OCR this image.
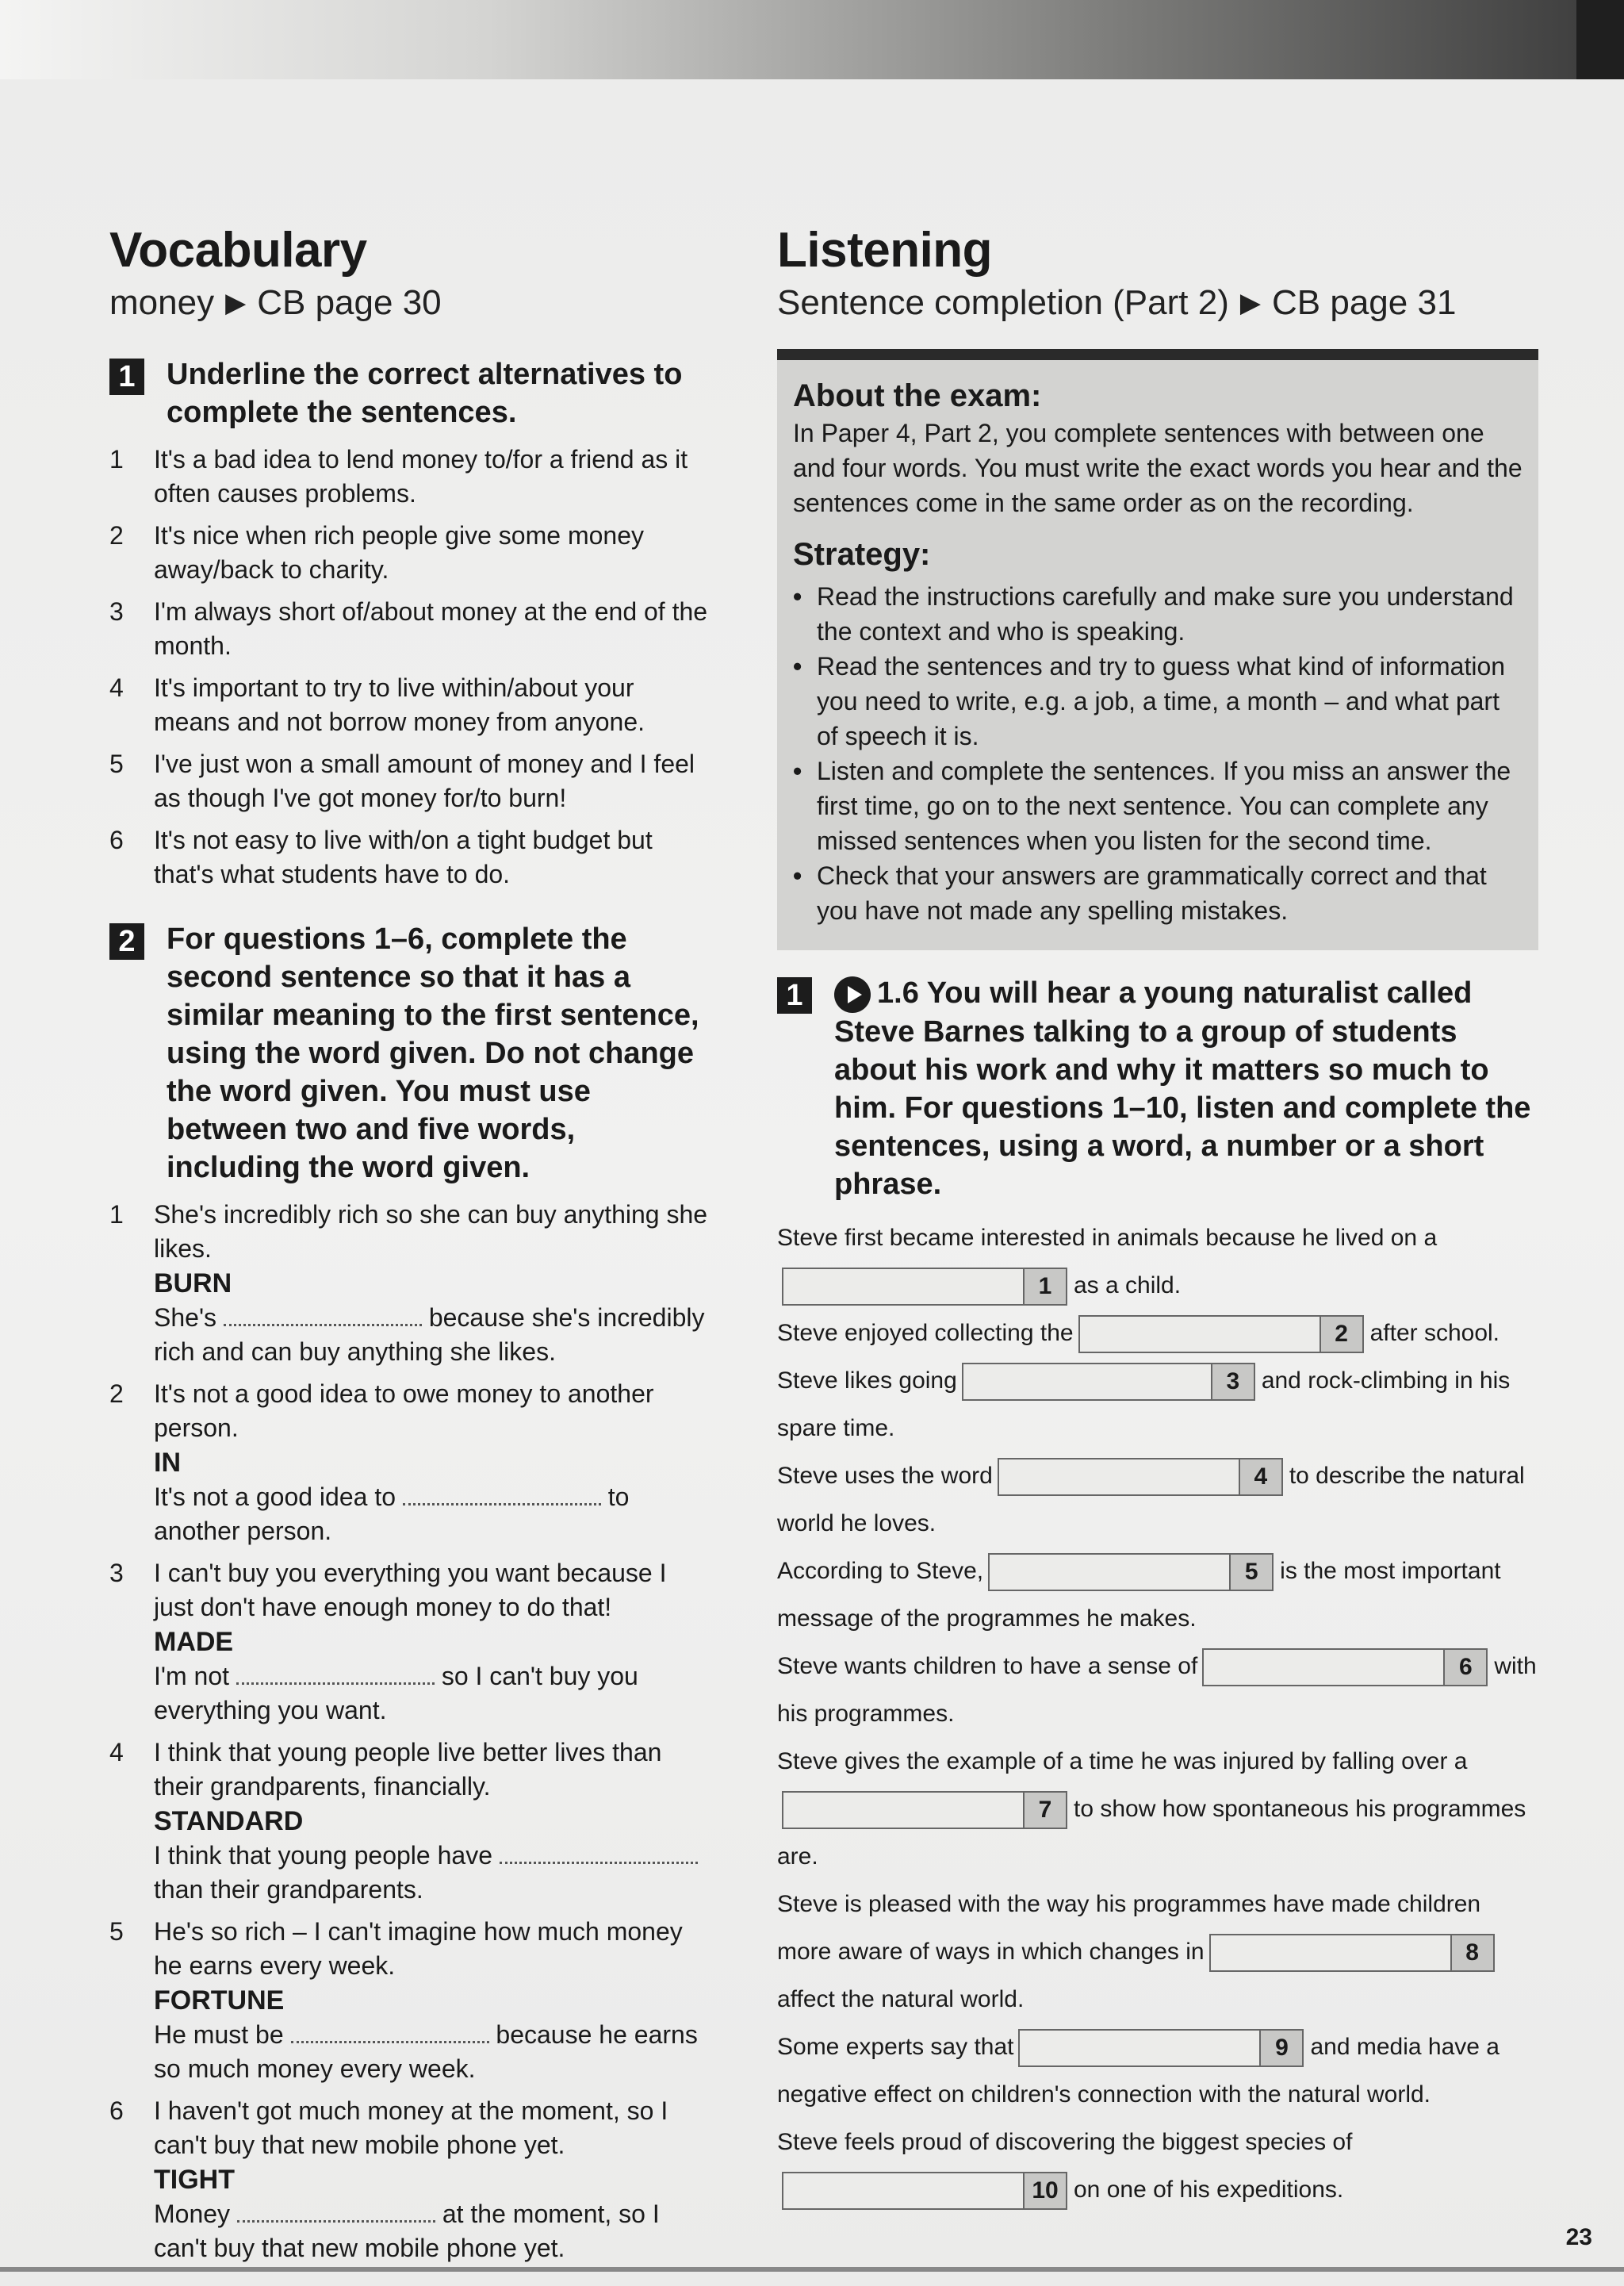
Vocabulary
money ▶ CB page 30
1	Underline the correct alternatives to complete the sentences.
1	It's a bad idea to lend money to/for a friend as it often causes problems.
2	It's nice when rich people give some money away/back to charity.
3	I'm always short of/about money at the end of the month.
4	It's important to try to live within/about your means and not borrow money from anyone.
5	I've just won a small amount of money and I feel as though I've got money for/to burn!
6	It's not easy to live with/on a tight budget but that's what students have to do.
2	For questions 1–6, complete the second sentence so that it has a similar meaning to the first sentence, using the word given. Do not change the word given. You must use between two and five words, including the word given.
1	She's incredibly rich so she can buy anything she likes.
BURN
She's	because she's incredibly rich and can buy anything she likes.
2	It's not a good idea to owe money to another person.
IN
It's not a good idea to	to another person.
3	I can't buy you everything you want because I just don't have enough money to do that!
MADE
I'm not	so I can't buy you everything you want.
4	I think that young people live better lives than their grandparents, financially.
STANDARD
I think that young people have  than their grandparents.
5	He's so rich – I can't imagine how much money he earns every week.
FORTUNE
He must be	because he earns so much money every week.
6	I haven't got much money at the moment, so I can't buy that new mobile phone yet.
TIGHT
Money	at the moment, so I can't buy that new mobile phone yet.
Listening
Sentence completion (Part 2) ▶ CB page 31
About the exam:
In Paper 4, Part 2, you complete sentences with between one and four words. You must write the exact words you hear and the sentences come in the same order as on the recording.
Strategy:
• Read the instructions carefully and make sure you understand the context and who is speaking.
• Read the sentences and try to guess what kind of information you need to write, e.g. a job, a time, a month – and what part of speech it is.
• Listen and complete the sentences. If you miss an answer the first time, go on to the next sentence. You can complete any missed sentences when you listen for the second time.
• Check that your answers are grammatically correct and that you have not made any spelling mistakes.
1	1.6 You will hear a young naturalist called Steve Barnes talking to a group of students about his work and why it matters so much to him. For questions 1–10, listen and complete the sentences, using a word, a number or a short phrase.
Steve first became interested in animals because he lived on a

1 as a child.
Steve enjoyed collecting the	2 after school.
Steve likes going	3 and rock-climbing in his spare time.
Steve uses the word	4 to describe the natural world he loves.
According to Steve,	5 is the most important message of the programmes he makes.
Steve wants children to have a sense of	6 with his programmes.
Steve gives the example of a time he was injured by falling over a

7 to show how spontaneous his programmes are.
Steve is pleased with the way his programmes have made children more aware of ways in which changes in	8
affect the natural world.
Some experts say that	9 and media have a negative effect on children's connection with the natural world.
Steve feels proud of discovering the biggest species of

10 on one of his expeditions.
23
